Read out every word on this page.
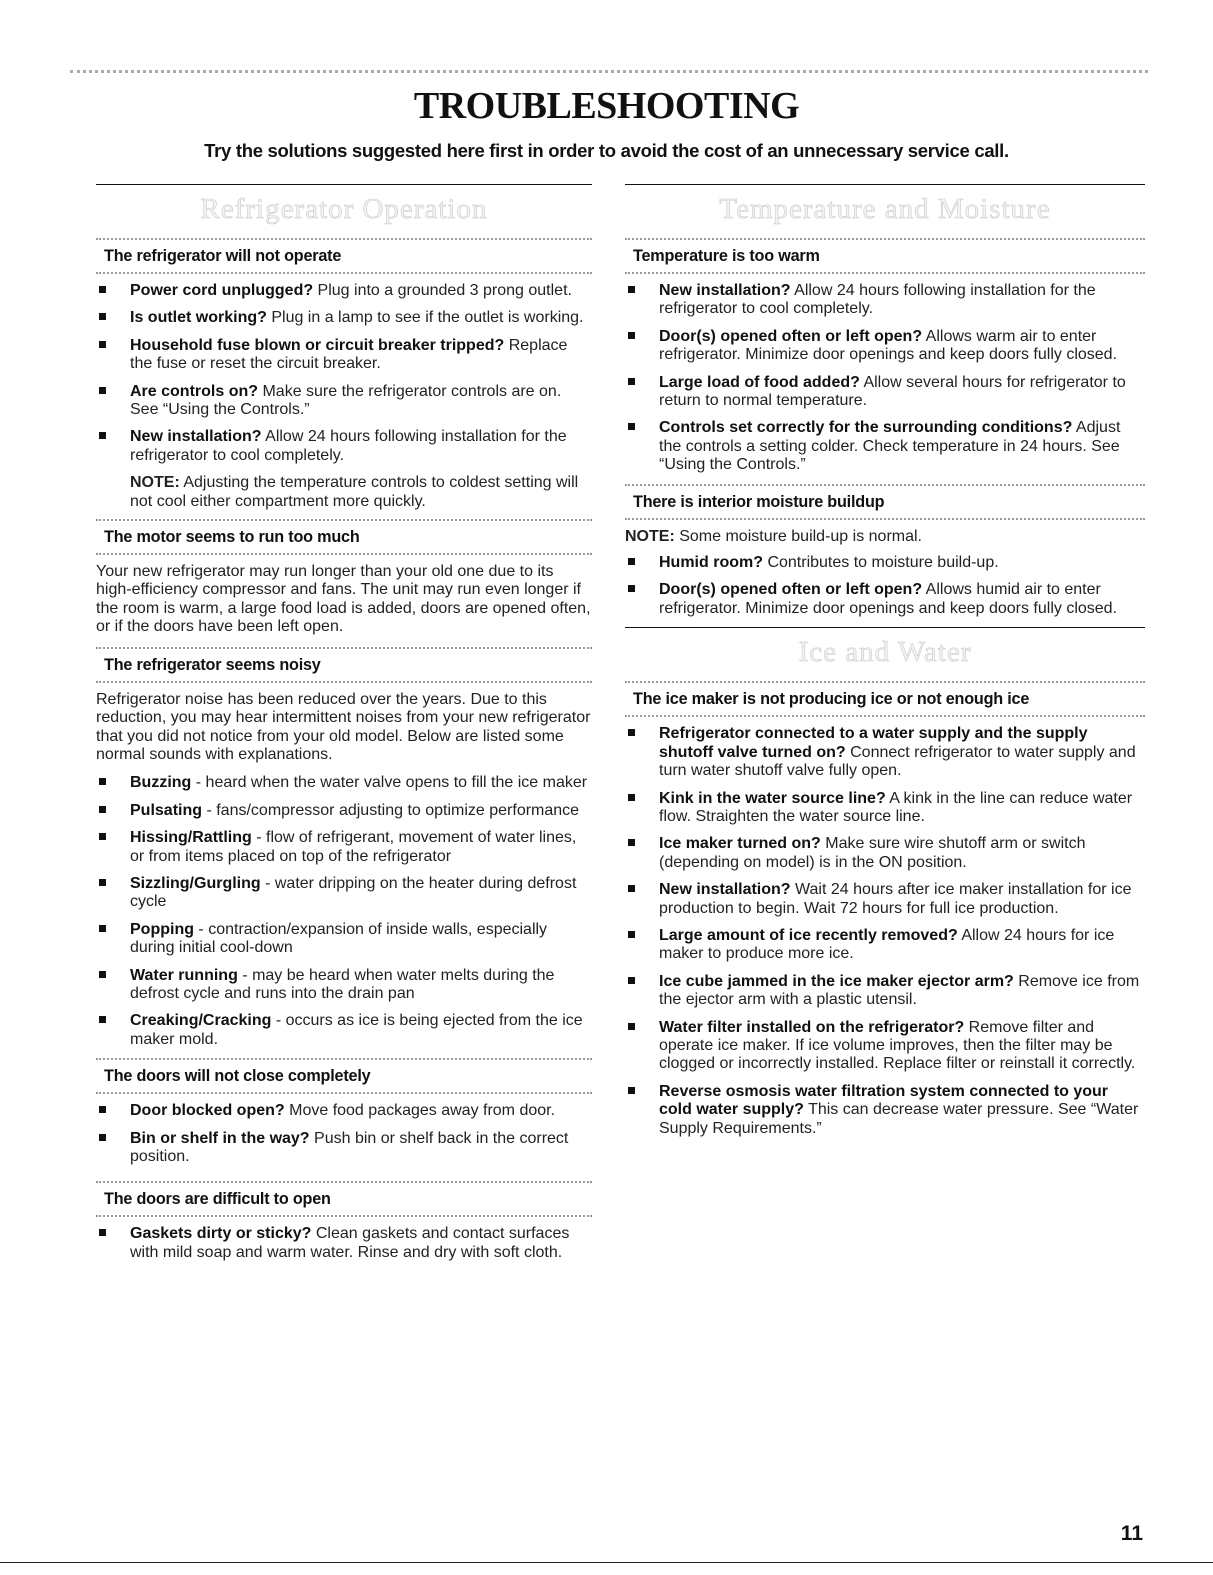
TROUBLESHOOTING
Try the solutions suggested here first in order to avoid the cost of an unnecessary service call.
Refrigerator Operation
The refrigerator will not operate
Power cord unplugged? Plug into a grounded 3 prong outlet.
Is outlet working? Plug in a lamp to see if the outlet is working.
Household fuse blown or circuit breaker tripped? Replace the fuse or reset the circuit breaker.
Are controls on? Make sure the refrigerator controls are on. See “Using the Controls.”
New installation? Allow 24 hours following installation for the refrigerator to cool completely.
NOTE: Adjusting the temperature controls to coldest setting will not cool either compartment more quickly.
The motor seems to run too much

Your new refrigerator may run longer than your old one due to its high-efficiency compressor and fans. The unit may run even longer if the room is warm, a large food load is added, doors are opened often, or if the doors have been left open.

The refrigerator seems noisy

Refrigerator noise has been reduced over the years. Due to this reduction, you may hear intermittent noises from your new refrigerator that you did not notice from your old model. Below are listed some normal sounds with explanations.

Buzzing - heard when the water valve opens to fill the ice maker
Pulsating - fans/compressor adjusting to optimize performance
Hissing/Rattling - flow of refrigerant, movement of water lines, or from items placed on top of the refrigerator
Sizzling/Gurgling - water dripping on the heater during defrost cycle
Popping - contraction/expansion of inside walls, especially during initial cool-down
Water running - may be heard when water melts during the defrost cycle and runs into the drain pan
Creaking/Cracking - occurs as ice is being ejected from the ice maker mold.
The doors will not close completely
Door blocked open? Move food packages away from door.
Bin or shelf in the way? Push bin or shelf back in the correct position.
The doors are difficult to open
Gaskets dirty or sticky? Clean gaskets and contact surfaces with mild soap and warm water. Rinse and dry with soft cloth.
Temperature and Moisture
Temperature is too warm
New installation? Allow 24 hours following installation for the refrigerator to cool completely.
Door(s) opened often or left open? Allows warm air to enter refrigerator. Minimize door openings and keep doors fully closed.
Large load of food added? Allow several hours for refrigerator to return to normal temperature.
Controls set correctly for the surrounding conditions? Adjust the controls a setting colder. Check temperature in 24 hours. See “Using the Controls.”
There is interior moisture buildup

NOTE: Some moisture build-up is normal.

Humid room? Contributes to moisture build-up.
Door(s) opened often or left open? Allows humid air to enter refrigerator. Minimize door openings and keep doors fully closed.
Ice and Water
The ice maker is not producing ice or not enough ice
Refrigerator connected to a water supply and the supply shutoff valve turned on? Connect refrigerator to water supply and turn water shutoff valve fully open.
Kink in the water source line? A kink in the line can reduce water flow. Straighten the water source line.
Ice maker turned on? Make sure wire shutoff arm or switch (depending on model) is in the ON position.
New installation? Wait 24 hours after ice maker installation for ice production to begin. Wait 72 hours for full ice production.
Large amount of ice recently removed? Allow 24 hours for ice maker to produce more ice.
Ice cube jammed in the ice maker ejector arm? Remove ice from the ejector arm with a plastic utensil.
Water filter installed on the refrigerator? Remove filter and operate ice maker. If ice volume improves, then the filter may be clogged or incorrectly installed. Replace filter or reinstall it correctly.
Reverse osmosis water filtration system connected to your cold water supply? This can decrease water pressure. See “Water Supply Requirements.”
11
